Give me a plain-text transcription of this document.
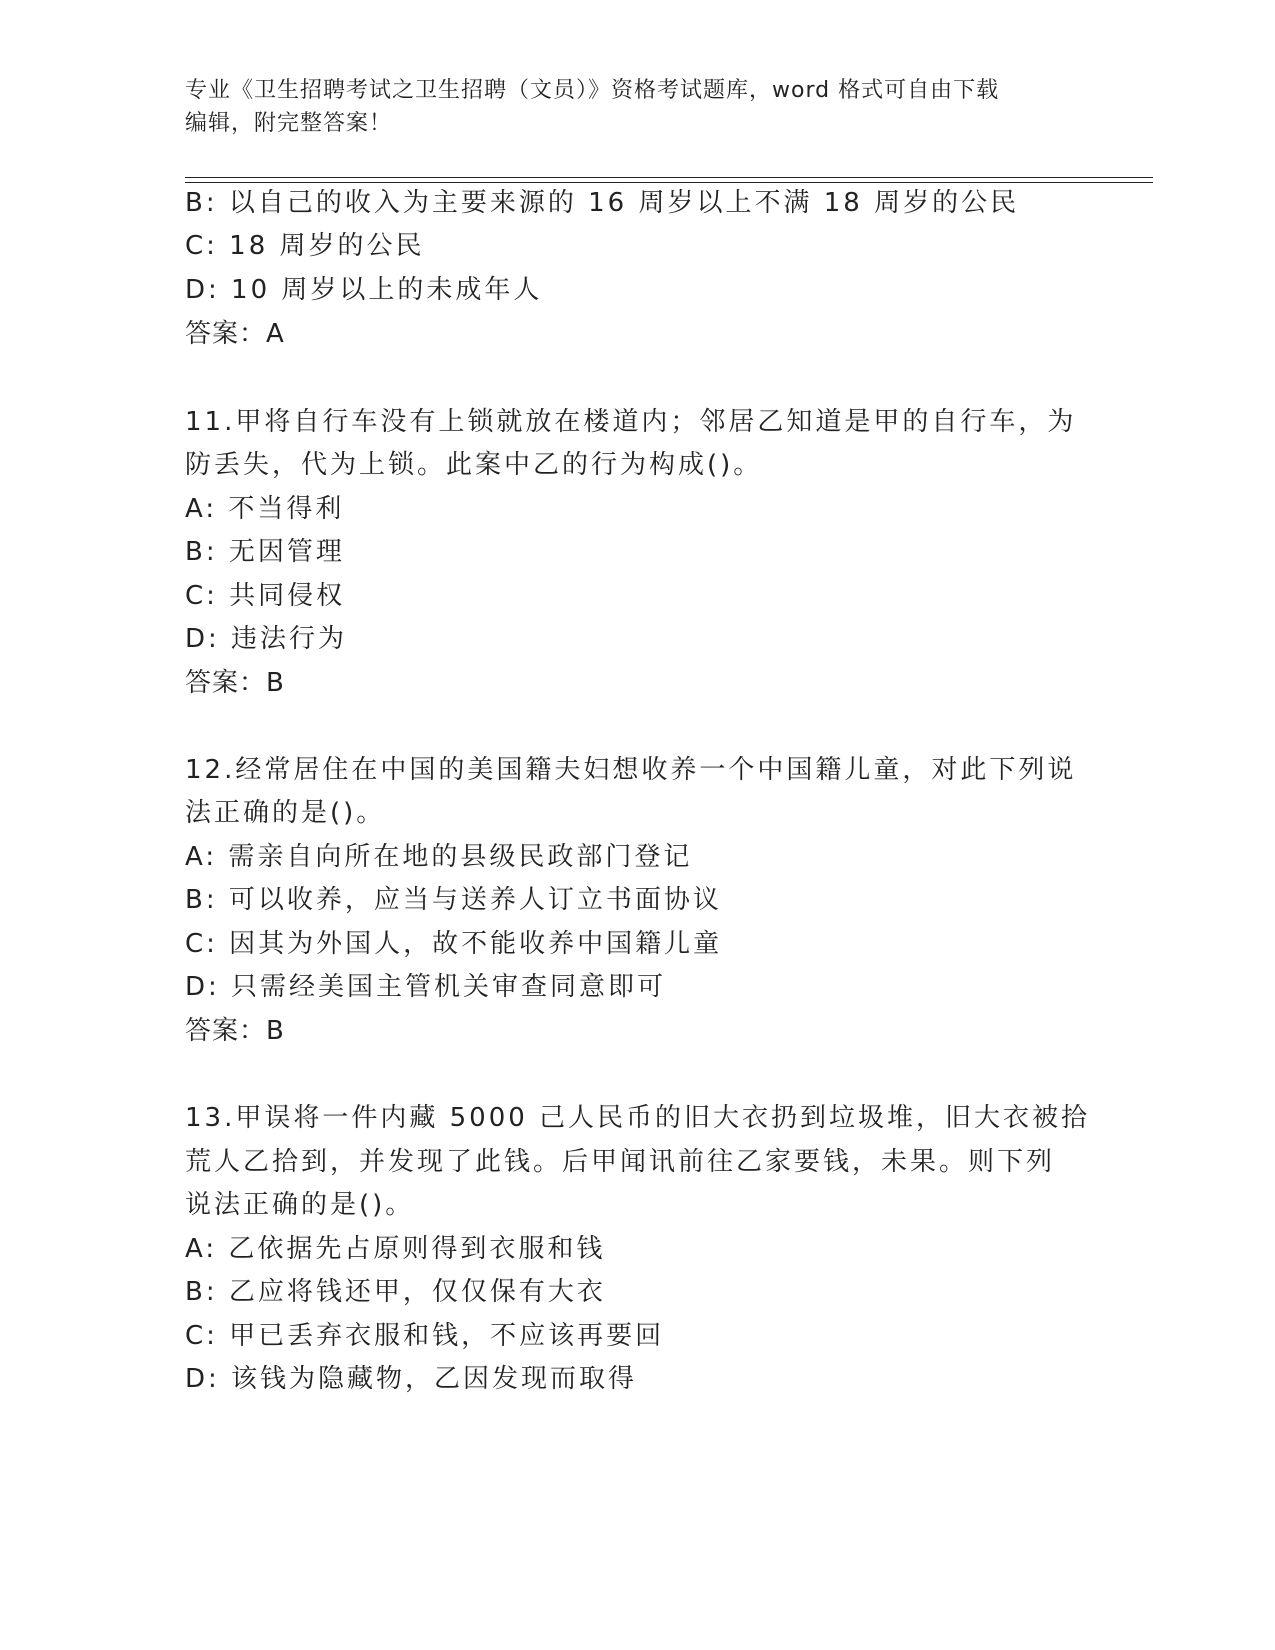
专业《卫生招聘考试之卫生招聘（文员）》资格考试题库，word 格式可自由下载
编辑，附完整答案！
B: 以自己的收入为主要来源的 16 周岁以上不满 18 周岁的公民
C: 18 周岁的公民
D: 10 周岁以上的未成年人
答案：A
11.甲将自行车没有上锁就放在楼道内；邻居乙知道是甲的自行车，为
防丢失，代为上锁。此案中乙的行为构成()。
A: 不当得利
B: 无因管理
C: 共同侵权
D: 违法行为
答案：B
12.经常居住在中国的美国籍夫妇想收养一个中国籍儿童，对此下列说
法正确的是()。
A: 需亲自向所在地的县级民政部门登记
B: 可以收养，应当与送养人订立书面协议
C: 因其为外国人，故不能收养中国籍儿童
D: 只需经美国主管机关审查同意即可
答案：B
13.甲误将一件内藏 5000 己人民币的旧大衣扔到垃圾堆，旧大衣被拾
荒人乙拾到，并发现了此钱。后甲闻讯前往乙家要钱，未果。则下列
说法正确的是()。
A: 乙依据先占原则得到衣服和钱
B: 乙应将钱还甲，仅仅保有大衣
C: 甲已丢弃衣服和钱，不应该再要回
D: 该钱为隐藏物，乙因发现而取得
